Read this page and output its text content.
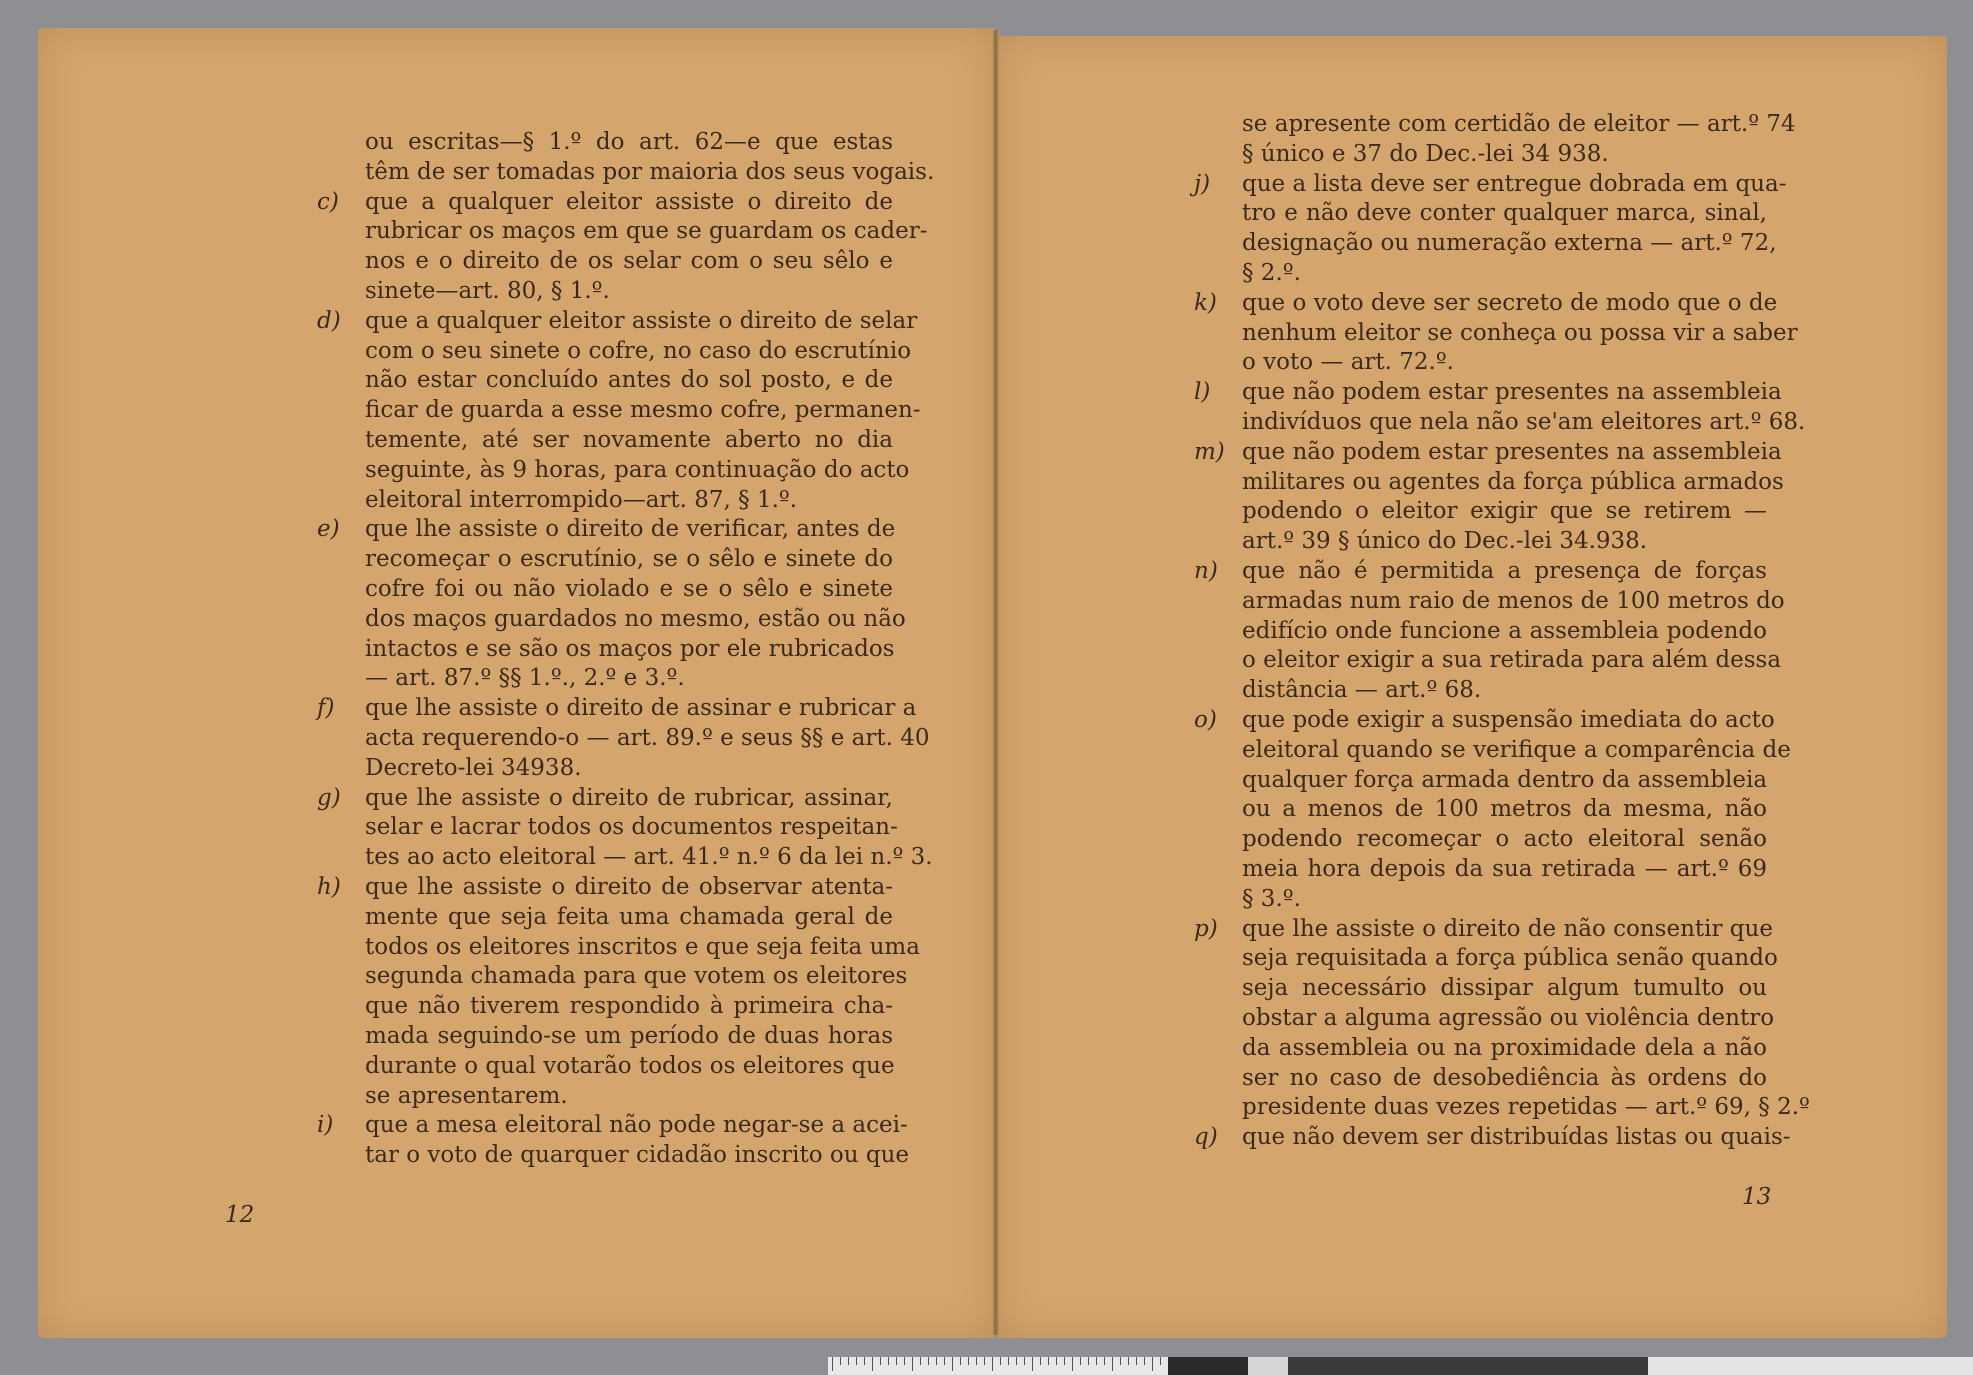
ou escritas—§ 1.º do art. 62—e que estas
têm de ser tomadas por maioria dos seus vogais.
c)	que a qualquer eleitor assiste o direito de
rubricar os maços em que se guardam os cader-
nos e o direito de os selar com o seu sêlo e
sinete—art. 80, § 1.º.
d)	que a qualquer eleitor assiste o direito de selar
com o seu sinete o cofre, no caso do escrutínio
não estar concluído antes do sol posto, e de
ficar de guarda a esse mesmo cofre, permanen-
temente, até ser novamente aberto no dia
seguinte, às 9 horas, para continuação do acto
eleitoral interrompido—art. 87, § 1.º.
e)	que lhe assiste o direito de verificar, antes de
recomeçar o escrutínio, se o sêlo e sinete do
cofre foi ou não violado e se o sêlo e sinete
dos maços guardados no mesmo, estão ou não
intactos e se são os maços por ele rubricados
— art. 87.º §§ 1.º., 2.º e 3.º.
f)	que lhe assiste o direito de assinar e rubricar a
acta requerendo-o — art. 89.º e seus §§ e art. 40
Decreto-lei 34938.
g)	que lhe assiste o direito de rubricar, assinar,
selar e lacrar todos os documentos respeitan-
tes ao acto eleitoral — art. 41.º n.º 6 da lei n.º 3.
h)	que lhe assiste o direito de observar atenta-
mente que seja feita uma chamada geral de
todos os eleitores inscritos e que seja feita uma
segunda chamada para que votem os eleitores
que não tiverem respondido à primeira cha-
mada seguindo-se um período de duas horas
durante o qual votarão todos os eleitores que
se apresentarem.
i)	que a mesa eleitoral não pode negar-se a acei-
tar o voto de quarquer cidadão inscrito ou que
se apresente com certidão de eleitor — art.º 74
§ único e 37 do Dec.-lei 34 938.
j)	que a lista deve ser entregue dobrada em qua-
tro e não deve conter qualquer marca, sinal,
designação ou numeração externa — art.º 72,
§ 2.º.
k)	que o voto deve ser secreto de modo que o de
nenhum eleitor se conheça ou possa vir a saber
o voto — art. 72.º.
l)	que não podem estar presentes na assembleia
indivíduos que nela não se'am eleitores art.º 68.
m) que não podem estar presentes na assembleia
militares ou agentes da força pública armados
podendo o eleitor exigir que se retirem —
art.º 39 § único do Dec.-lei 34.938.
n)	que não é permitida a presença de forças
armadas num raio de menos de 100 metros do
edifício onde funcione a assembleia podendo
o eleitor exigir a sua retirada para além dessa
distância — art.º 68.
o)	que pode exigir a suspensão imediata do acto
eleitoral quando se verifique a comparência de
qualquer força armada dentro da assembleia
ou a menos de 100 metros da mesma, não
podendo recomeçar o acto eleitoral senão
meia hora depois da sua retirada — art.º 69
§ 3.º.
p)	que lhe assiste o direito de não consentir que
seja requisitada a força pública senão quando
seja necessário dissipar algum tumulto ou
obstar a alguma agressão ou violência dentro
da assembleia ou na proximidade dela a não
ser no caso de desobediência às ordens do
presidente duas vezes repetidas — art.º 69, § 2.º
q)	que não devem ser distribuídas listas ou quais-
12
13
